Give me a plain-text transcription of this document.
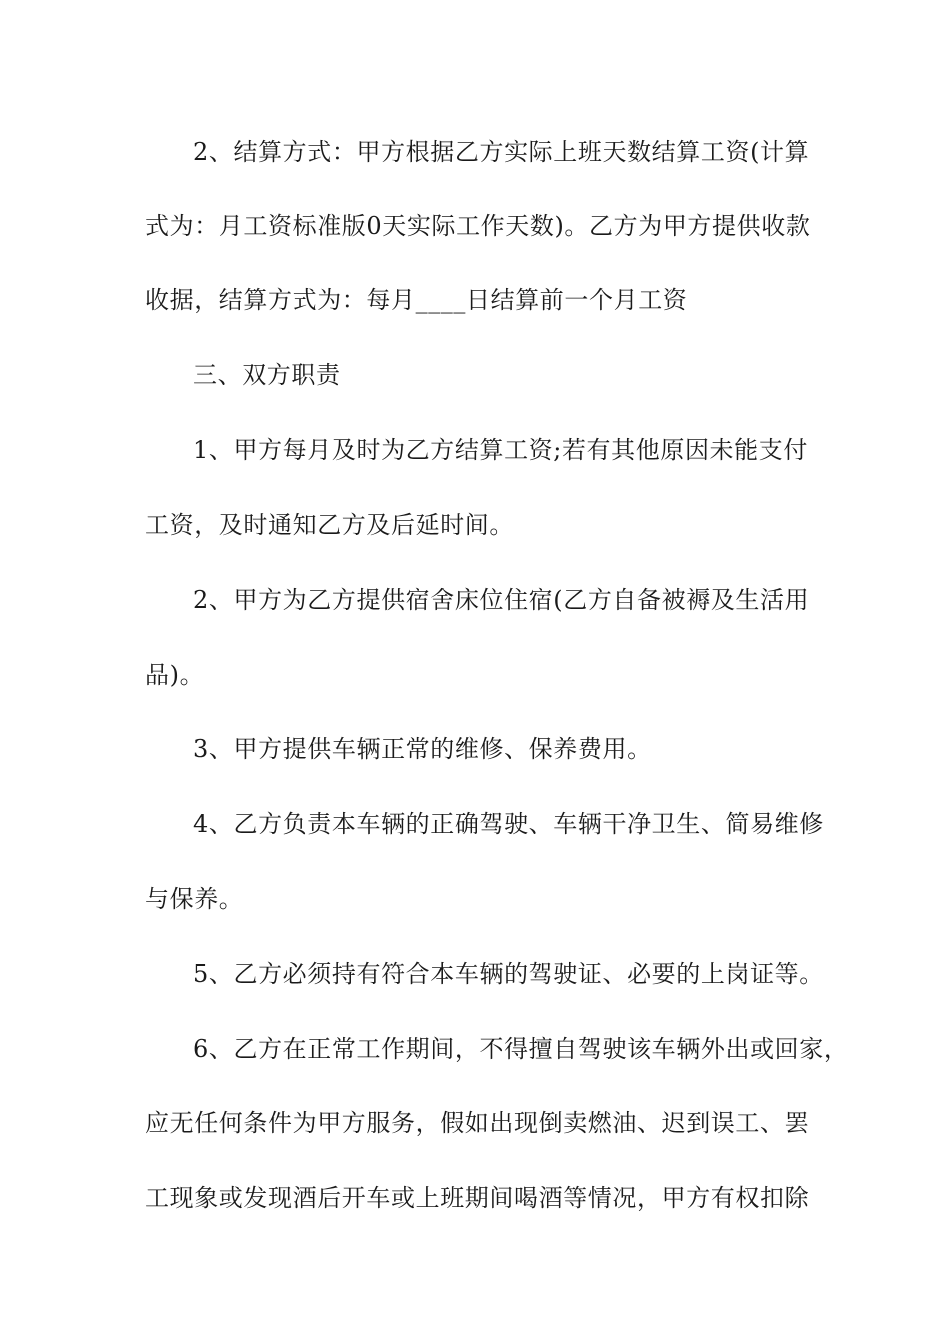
2、结算方式：甲方根据乙方实际上班天数结算工资(计算
式为：月工资标准版0天实际工作天数)。乙方为甲方提供收款
收据，结算方式为：每月____日结算前一个月工资
三、双方职责
1、甲方每月及时为乙方结算工资;若有其他原因未能支付
工资，及时通知乙方及后延时间。
2、甲方为乙方提供宿舍床位住宿(乙方自备被褥及生活用
品)。
3、甲方提供车辆正常的维修、保养费用。
4、乙方负责本车辆的正确驾驶、车辆干净卫生、简易维修
与保养。
5、乙方必须持有符合本车辆的驾驶证、必要的上岗证等。
6、乙方在正常工作期间，不得擅自驾驶该车辆外出或回家，
应无任何条件为甲方服务，假如出现倒卖燃油、迟到误工、罢
工现象或发现酒后开车或上班期间喝酒等情况，甲方有权扣除
